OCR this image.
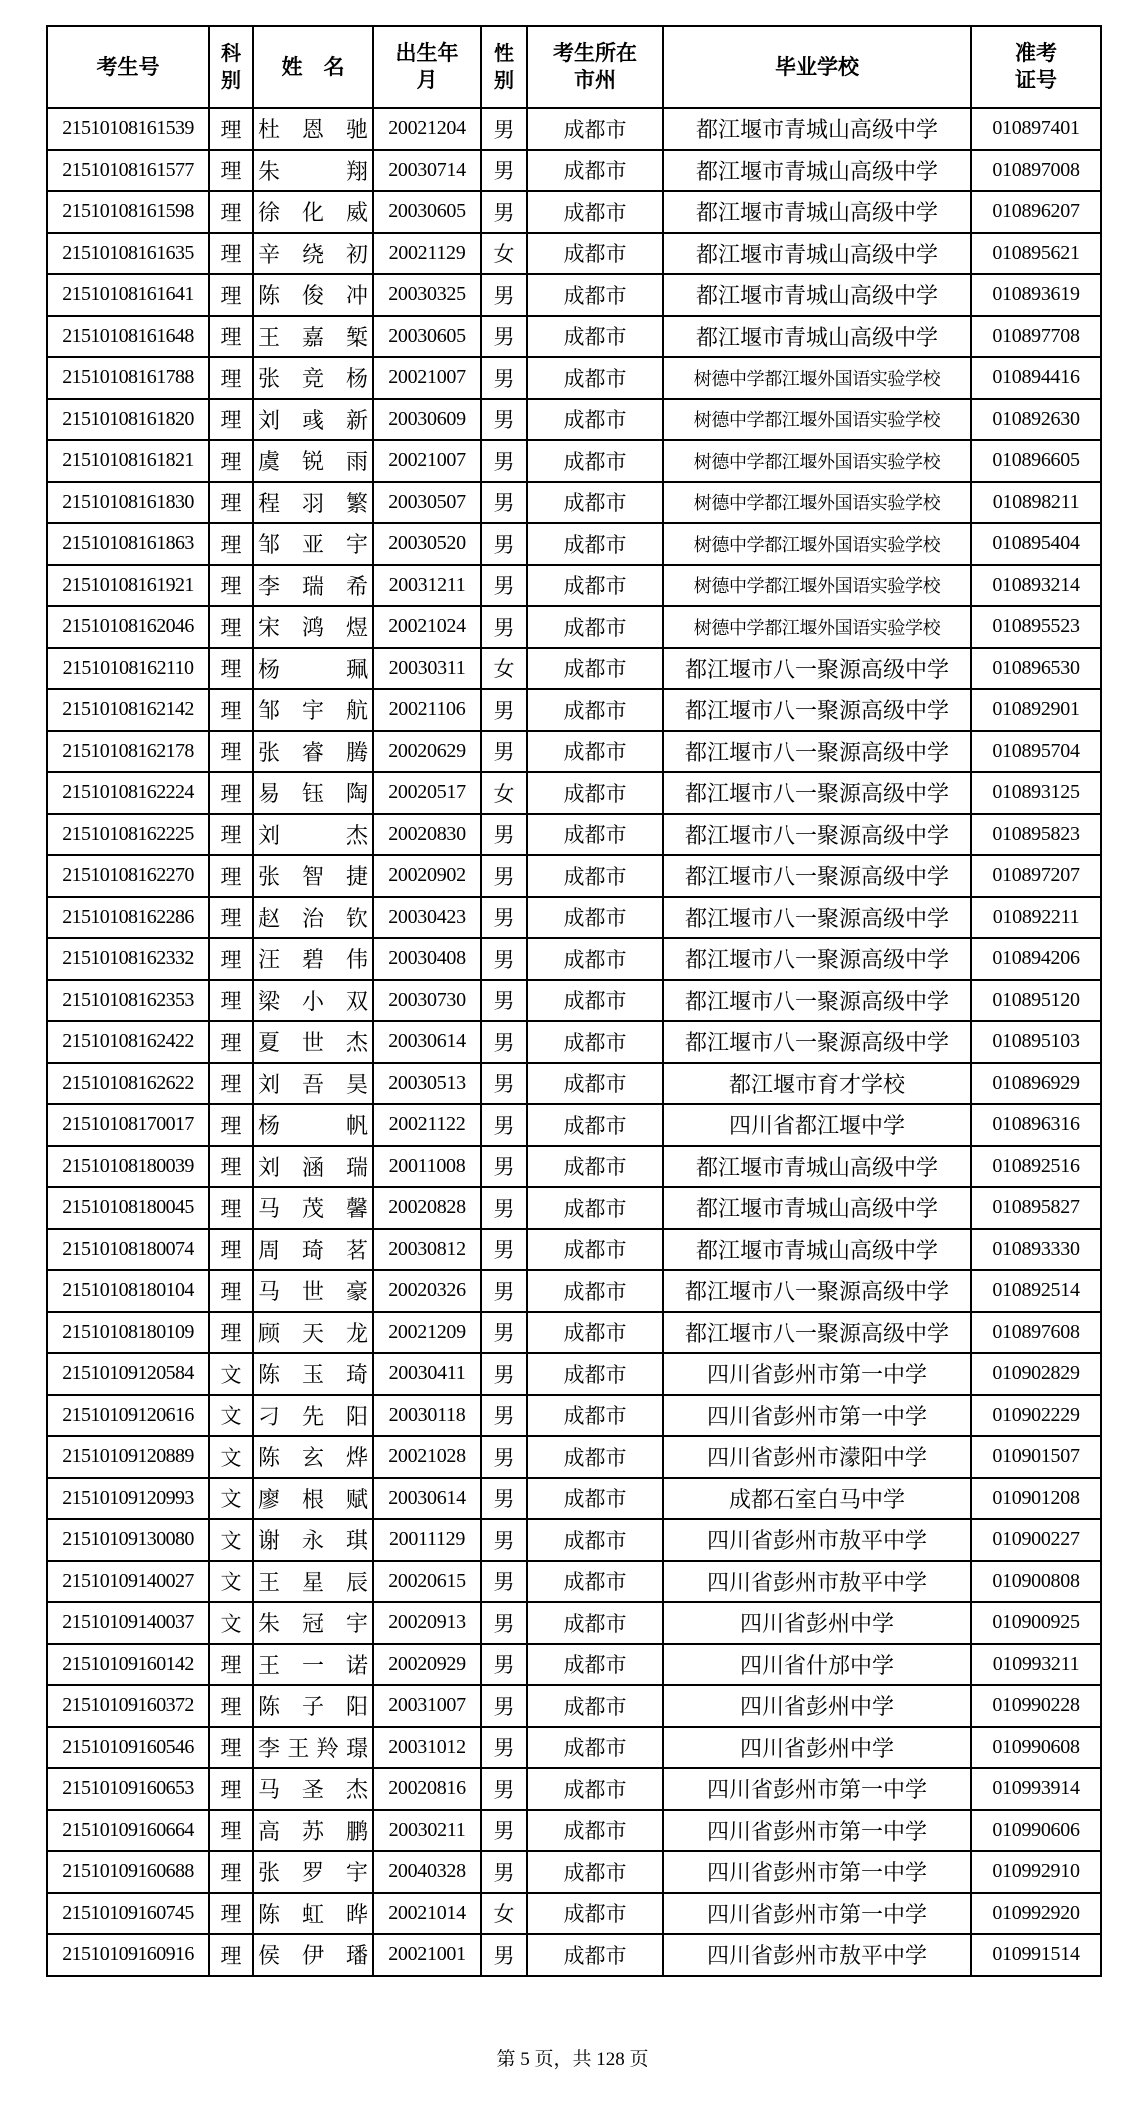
考生号	科别	姓　名	出生年月	性别	考生所在市州	毕业学校	准考证号
21510108161539	理	杜恩驰	20021204	男	成都市	都江堰市青城山高级中学	010897401
21510108161577	理	朱翔	20030714	男	成都市	都江堰市青城山高级中学	010897008
21510108161598	理	徐化威	20030605	男	成都市	都江堰市青城山高级中学	010896207
21510108161635	理	辛绕初	20021129	女	成都市	都江堰市青城山高级中学	010895621
21510108161641	理	陈俊冲	20030325	男	成都市	都江堰市青城山高级中学	010893619
21510108161648	理	王嘉椠	20030605	男	成都市	都江堰市青城山高级中学	010897708
21510108161788	理	张竞杨	20021007	男	成都市	树德中学都江堰外国语实验学校	010894416
21510108161820	理	刘彧新	20030609	男	成都市	树德中学都江堰外国语实验学校	010892630
21510108161821	理	虞锐雨	20021007	男	成都市	树德中学都江堰外国语实验学校	010896605
21510108161830	理	程羽繁	20030507	男	成都市	树德中学都江堰外国语实验学校	010898211
21510108161863	理	邹亚宇	20030520	男	成都市	树德中学都江堰外国语实验学校	010895404
21510108161921	理	李瑞希	20031211	男	成都市	树德中学都江堰外国语实验学校	010893214
21510108162046	理	宋鸿煜	20021024	男	成都市	树德中学都江堰外国语实验学校	010895523
21510108162110	理	杨珮	20030311	女	成都市	都江堰市八一聚源高级中学	010896530
21510108162142	理	邹宇航	20021106	男	成都市	都江堰市八一聚源高级中学	010892901
21510108162178	理	张睿腾	20020629	男	成都市	都江堰市八一聚源高级中学	010895704
21510108162224	理	易钰陶	20020517	女	成都市	都江堰市八一聚源高级中学	010893125
21510108162225	理	刘杰	20020830	男	成都市	都江堰市八一聚源高级中学	010895823
21510108162270	理	张智捷	20020902	男	成都市	都江堰市八一聚源高级中学	010897207
21510108162286	理	赵治钦	20030423	男	成都市	都江堰市八一聚源高级中学	010892211
21510108162332	理	汪碧伟	20030408	男	成都市	都江堰市八一聚源高级中学	010894206
21510108162353	理	梁小双	20030730	男	成都市	都江堰市八一聚源高级中学	010895120
21510108162422	理	夏世杰	20030614	男	成都市	都江堰市八一聚源高级中学	010895103
21510108162622	理	刘吾昊	20030513	男	成都市	都江堰市育才学校	010896929
21510108170017	理	杨帆	20021122	男	成都市	四川省都江堰中学	010896316
21510108180039	理	刘涵瑞	20011008	男	成都市	都江堰市青城山高级中学	010892516
21510108180045	理	马茂馨	20020828	男	成都市	都江堰市青城山高级中学	010895827
21510108180074	理	周琦茗	20030812	男	成都市	都江堰市青城山高级中学	010893330
21510108180104	理	马世豪	20020326	男	成都市	都江堰市八一聚源高级中学	010892514
21510108180109	理	顾天龙	20021209	男	成都市	都江堰市八一聚源高级中学	010897608
21510109120584	文	陈玉琦	20030411	男	成都市	四川省彭州市第一中学	010902829
21510109120616	文	刁先阳	20030118	男	成都市	四川省彭州市第一中学	010902229
21510109120889	文	陈玄烨	20021028	男	成都市	四川省彭州市濛阳中学	010901507
21510109120993	文	廖根赋	20030614	男	成都市	成都石室白马中学	010901208
21510109130080	文	谢永琪	20011129	男	成都市	四川省彭州市敖平中学	010900227
21510109140027	文	王星辰	20020615	男	成都市	四川省彭州市敖平中学	010900808
21510109140037	文	朱冠宇	20020913	男	成都市	四川省彭州中学	010900925
21510109160142	理	王一诺	20020929	男	成都市	四川省什邡中学	010993211
21510109160372	理	陈子阳	20031007	男	成都市	四川省彭州中学	010990228
21510109160546	理	李王羚璟	20031012	男	成都市	四川省彭州中学	010990608
21510109160653	理	马圣杰	20020816	男	成都市	四川省彭州市第一中学	010993914
21510109160664	理	高苏鹏	20030211	男	成都市	四川省彭州市第一中学	010990606
21510109160688	理	张罗宇	20040328	男	成都市	四川省彭州市第一中学	010992910
21510109160745	理	陈虹晔	20021014	女	成都市	四川省彭州市第一中学	010992920
21510109160916	理	侯伊璠	20021001	男	成都市	四川省彭州市敖平中学	010991514
第 5 页，共 128 页
